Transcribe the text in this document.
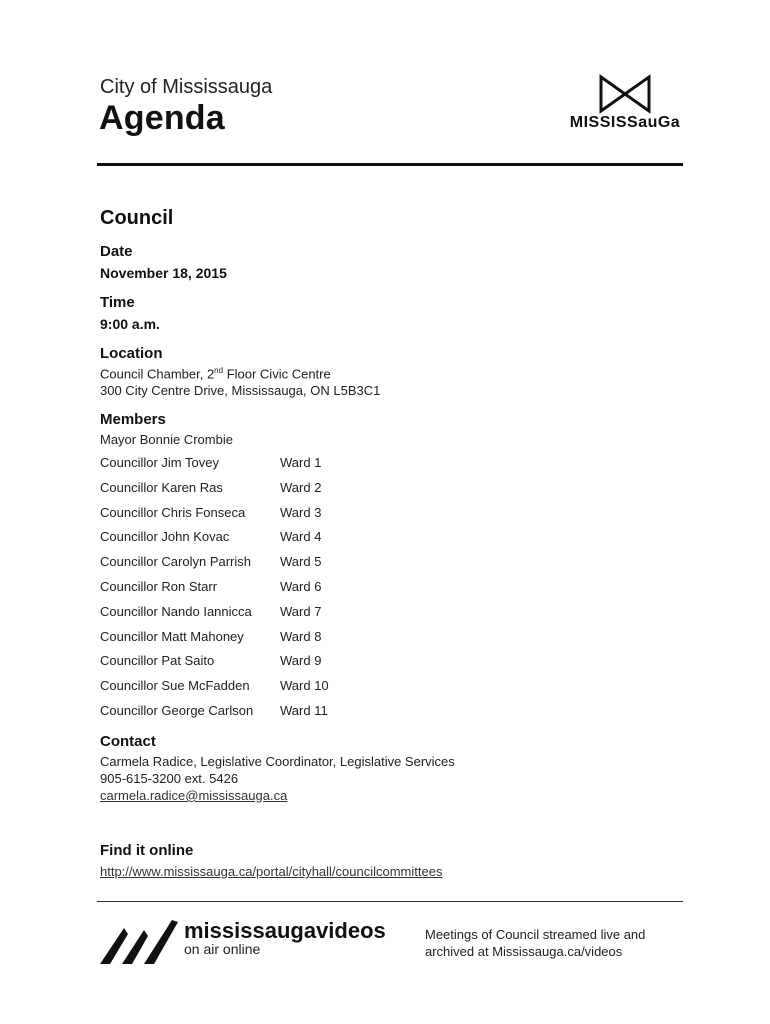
City of Mississauga
Agenda	MISSISSauGa
Council
Date
November 18, 2015
Time
9:00 a.m.
Location
Council Chamber, 2nd Floor Civic Centre
300 City Centre Drive, Mississauga, ON L5B3C1
Members
Mayor Bonnie Crombie
Councillor Jim Tovey	Ward 1
Councillor Karen Ras	Ward 2
Councillor Chris Fonseca	Ward 3
Councillor John Kovac	Ward 4
Councillor Carolyn Parrish Ward 5
Councillor Ron Starr	Ward 6
Councillor Nando Iannicca Ward 7
Councillor Matt Mahoney	Ward 8
Councillor Pat Saito	Ward 9
Councillor Sue McFadden Ward 10
Councillor George Carlson Ward 11
Contact
Carmela Radice, Legislative Coordinator, Legislative Services
905-615-3200 ext. 5426
carmela.radice@mississauga.ca
Find it online
http://www.mississauga.ca/portal/cityhall/councilcommittees
mississaugavideos
on air online
Meetings of Council streamed live and
archived at Mississauga.ca/videos
